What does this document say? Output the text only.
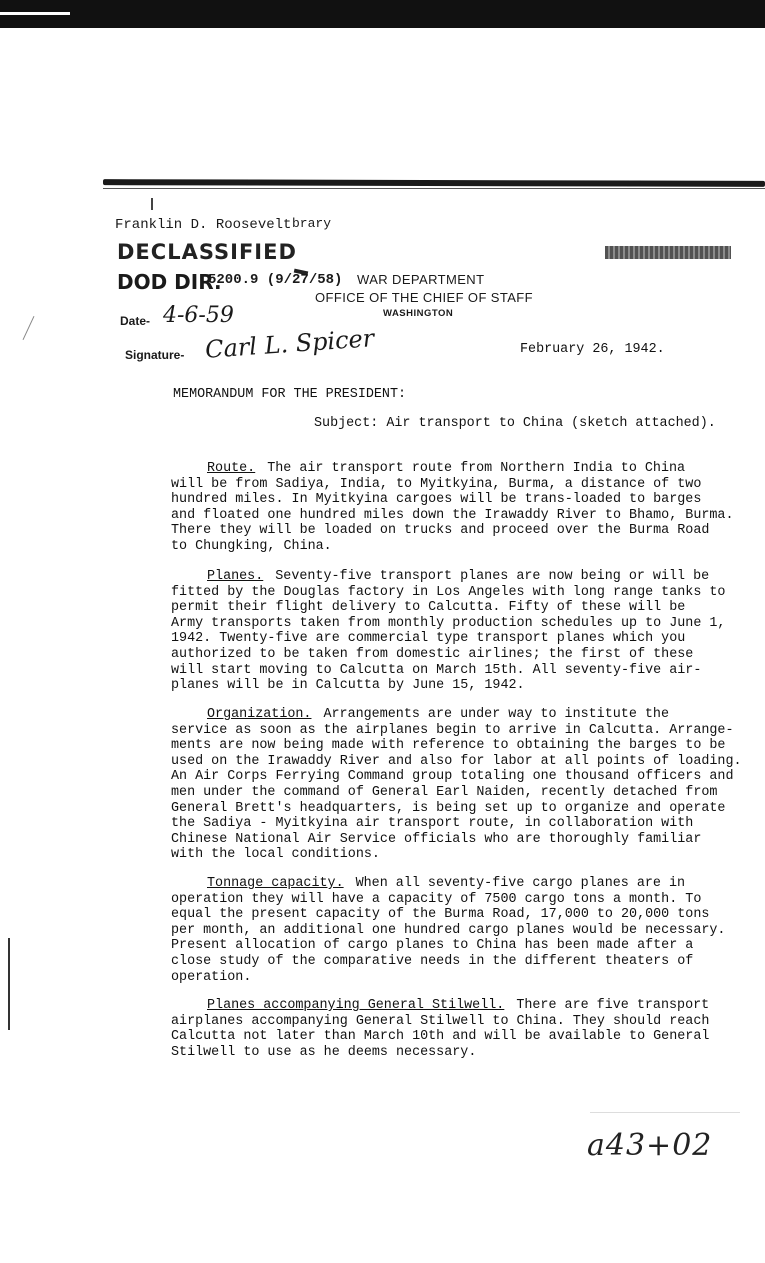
Franklin D. Roosevelt brary
DECLASSIFIED
DOD DIR.
5200.9 (9/27/58)
Date- 4-6-59
Signature- Carl L. Spicer
WAR DEPARTMENT
OFFICE OF THE CHIEF OF STAFF
WASHINGTON
February 26, 1942.
MEMORANDUM FOR THE PRESIDENT:
Subject: Air transport to China (sketch attached).
Route. The air transport route from Northern India to China
will be from Sadiya, India, to Myitkyina, Burma, a distance of two
hundred miles. In Myitkyina cargoes will be trans-loaded to barges
and floated one hundred miles down the Irawaddy River to Bhamo, Burma.
There they will be loaded on trucks and proceed over the Burma Road
to Chungking, China.
Planes. Seventy-five transport planes are now being or will be
fitted by the Douglas factory in Los Angeles with long range tanks to
permit their flight delivery to Calcutta. Fifty of these will be
Army transports taken from monthly production schedules up to June 1,
1942. Twenty-five are commercial type transport planes which you
authorized to be taken from domestic airlines; the first of these
will start moving to Calcutta on March 15th. All seventy-five air-
planes will be in Calcutta by June 15, 1942.
Organization. Arrangements are under way to institute the
service as soon as the airplanes begin to arrive in Calcutta. Arrange-
ments are now being made with reference to obtaining the barges to be
used on the Irawaddy River and also for labor at all points of loading.
An Air Corps Ferrying Command group totaling one thousand officers and
men under the command of General Earl Naiden, recently detached from
General Brett's headquarters, is being set up to organize and operate
the Sadiya - Myitkyina air transport route, in collaboration with
Chinese National Air Service officials who are thoroughly familiar
with the local conditions.
Tonnage capacity. When all seventy-five cargo planes are in
operation they will have a capacity of 7500 cargo tons a month. To
equal the present capacity of the Burma Road, 17,000 to 20,000 tons
per month, an additional one hundred cargo planes would be necessary.
Present allocation of cargo planes to China has been made after a
close study of the comparative needs in the different theaters of
operation.
Planes accompanying General Stilwell. There are five transport
airplanes accompanying General Stilwell to China. They should reach
Calcutta not later than March 10th and will be available to General
Stilwell to use as he deems necessary.
a43+02
